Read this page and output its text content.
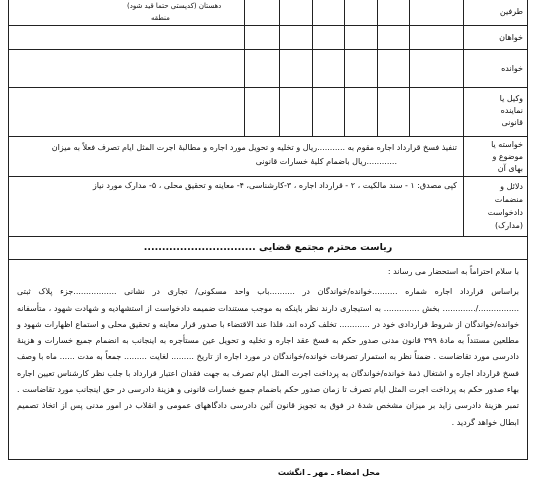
طرفین
دهستان (کدپستی حتما قید شود)
منطقه
خواهان
خوانده
وکیل یا
نماینده
قانونی
خواسته یا
موضوع و
بهای آن
تنفیذ فسخ قرارداد اجاره مقوم به ...........ریال و تخلیه و تحویل مورد اجاره و مطالبهٔ اجرت المثل ایام تصرف فعلاً به میزان
............ریال باضمام کلیهٔ خسارات قانونی
دلائل و
منضمات
دادخواست
(مدارک)
کپی مصدق: ۱ - سند مالکیت ، ۲ - قرارداد اجاره ، ۳-کارشناسی، ۴- معاینه و تحقیق محلی ، ۵- مدارک مورد نیاز
ریاست محترم مجتمع قضایی ...............................

با سلام احتراماً به استحضار می رساند :

براساس قرارداد اجاره شماره ..........خوانده/خواندگان در ..........باب واحد مسکونی/ تجاری در نشانی .................جزء پلاک ثبتی ................/............. بخش .............. به استیجاری دارند نظر باینکه به موجب مستندات ضمیمه دادخواست از استشهادیه و شهادت شهود ، متأسفانه خوانده/خواندگان از شروط قراردادی خود در ............ تخلف کرده اند، فلذا عند الاقتضاء با صدور قرار معاینه و تحقیق محلی و استماع اظهارات شهود و مطلعین مستنداً به مادهٔ ۳۹۹ قانون مدنی صدور حکم به فسخ عقد اجاره و تخلیه و تحویل عین مستأجره به اینجانب به انضمام جمیع خسارات و هزینهٔ دادرسی مورد تقاضاست . ضمناً نظر به استمرار تصرفات خوانده/خواندگان در مورد اجاره از تاریخ ......... لغایت ......... جمعاً به مدت ...... ماه با وصف فسخ قرارداد اجاره و اشتغال ذمهٔ خوانده/خواندگان به پرداخت اجرت المثل ایام تصرف به جهت فقدان اعتبار قرارداد با جلب نظر کارشناس تعیین اجاره بهاء صدور حکم به پرداخت اجرت المثل ایام تصرف تا زمان صدور حکم باضمام جمیع خسارات قانونی و هزینهٔ دادرسی در حق اینجانب مورد تقاضاست . تمبر هزینهٔ دادرسی زاید بر میزان مشخص شدهٔ در فوق به تجویز قانون آئین دادرسی دادگاههای عمومی و انقلاب در امور مدنی پس از اتخاذ تصمیم ابطال خواهد گردید .

محل امضاء ـ مهر ـ انگشت
